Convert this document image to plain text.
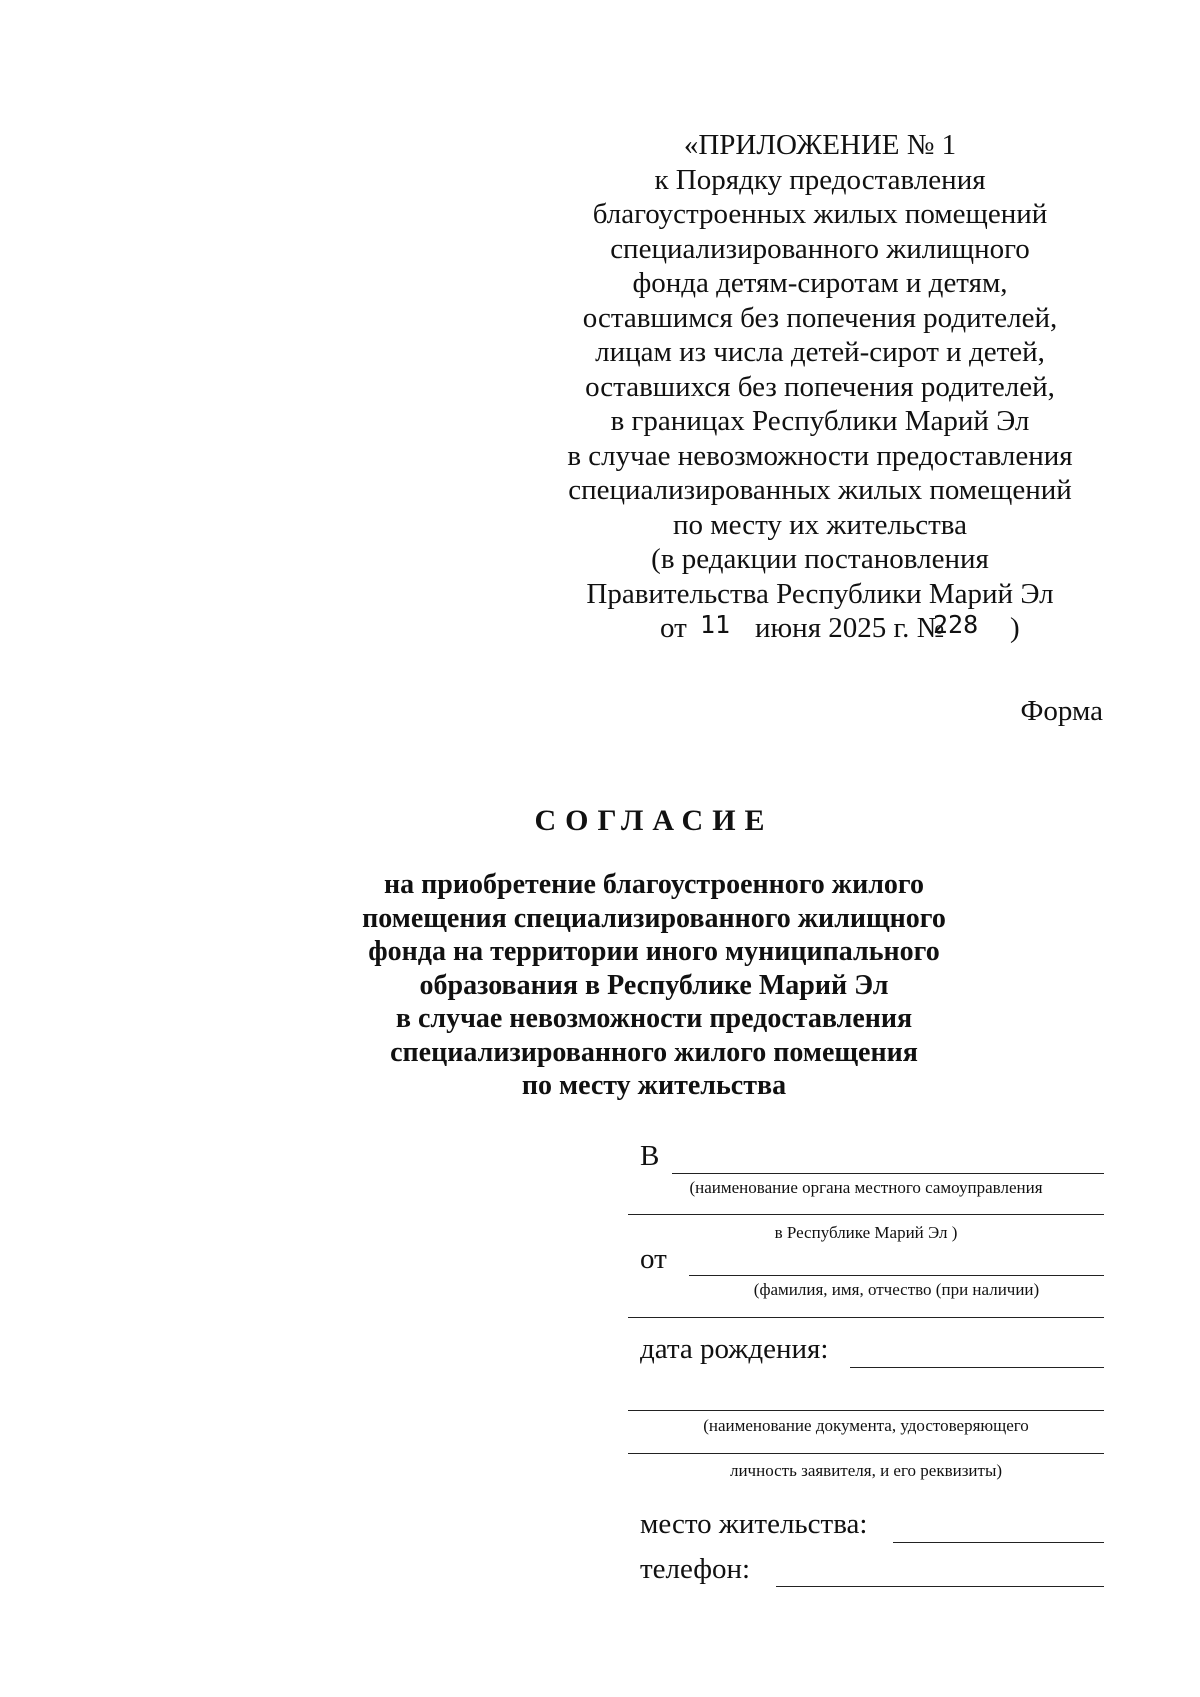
«ПРИЛОЖЕНИЕ № 1
к Порядку предоставления
благоустроенных жилых помещений
специализированного жилищного
фонда детям-сиротам и детям,
оставшимся без попечения родителей,
лицам из числа детей-сирот и детей,
оставшихся без попечения родителей,
в границах Республики Марий Эл
в случае невозможности предоставления
специализированных жилых помещений
по месту их жительства
(в редакции постановления
Правительства Республики Марий Эл
от 11 июня 2025 г. №
228 )
Форма
СОГЛАСИЕ
на приобретение благоустроенного жилого
помещения специализированного жилищного
фонда на территории иного муниципального
образования в Республике Марий Эл
в случае невозможности предоставления
специализированного жилого помещения
по месту жительства
В
(наименование органа местного самоуправления
в Республике Марий Эл )
от
(фамилия, имя, отчество (при наличии)
дата рождения:
(наименование документа, удостоверяющего
личность заявителя, и его реквизиты)
место жительства:
телефон:
